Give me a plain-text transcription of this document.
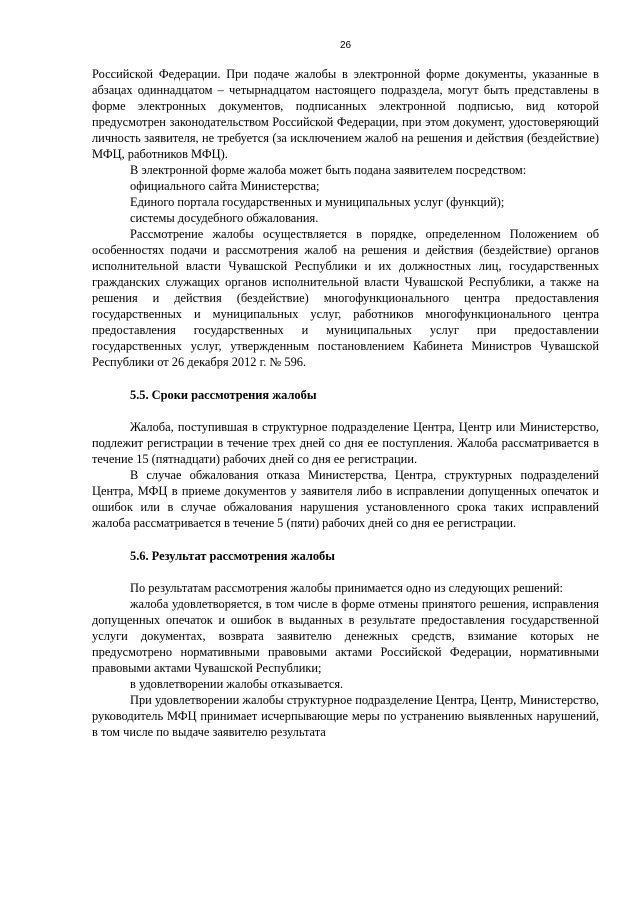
26

Российской Федерации. При подаче жалобы в электронной форме документы, указанные в абзацах одиннадцатом – четырнадцатом настоящего подраздела, могут быть представлены в форме электронных документов, подписанных электронной подписью, вид которой предусмотрен законодательством Российской Федерации, при этом документ, удостоверяющий личность заявителя, не требуется (за исключением жалоб на решения и действия (бездействие) МФЦ, работников МФЦ).

В электронной форме жалоба может быть подана заявителем посредством:

официального сайта Министерства;

Единого портала государственных и муниципальных услуг (функций);

системы досудебного обжалования.

Рассмотрение жалобы осуществляется в порядке, определенном Положением об особенностях подачи и рассмотрения жалоб на решения и действия (бездействие) органов исполнительной власти Чувашской Республики и их должностных лиц, государственных гражданских служащих органов исполнительной власти Чувашской Республики, а также на решения и действия (бездействие) многофункционального центра предоставления государственных и муниципальных услуг, работников многофункционального центра предоставления государственных и муниципальных услуг при предоставлении государственных услуг, утвержденным постановлением Кабинета Министров Чувашской Республики от 26 декабря 2012 г. № 596.

5.5. Сроки рассмотрения жалобы

Жалоба, поступившая в структурное подразделение Центра, Центр или Министерство, подлежит регистрации в течение трех дней со дня ее поступления. Жалоба рассматривается в течение 15 (пятнадцати) рабочих дней со дня ее регистрации.

В случае обжалования отказа Министерства, Центра, структурных подразделений Центра, МФЦ в приеме документов у заявителя либо в исправлении допущенных опечаток и ошибок или в случае обжалования нарушения установленного срока таких исправлений жалоба рассматривается в течение 5 (пяти) рабочих дней со дня ее регистрации.

5.6. Результат рассмотрения жалобы

По результатам рассмотрения жалобы принимается одно из следующих решений:

жалоба удовлетворяется, в том числе в форме отмены принятого решения, исправления допущенных опечаток и ошибок в выданных в результате предоставления государственной услуги документах, возврата заявителю денежных средств, взимание которых не предусмотрено нормативными правовыми актами Российской Федерации, нормативными правовыми актами Чувашской Республики;

в удовлетворении жалобы отказывается.

При удовлетворении жалобы структурное подразделение Центра, Центр, Министерство, руководитель МФЦ принимает исчерпывающие меры по устранению выявленных нарушений, в том числе по выдаче заявителю результата
